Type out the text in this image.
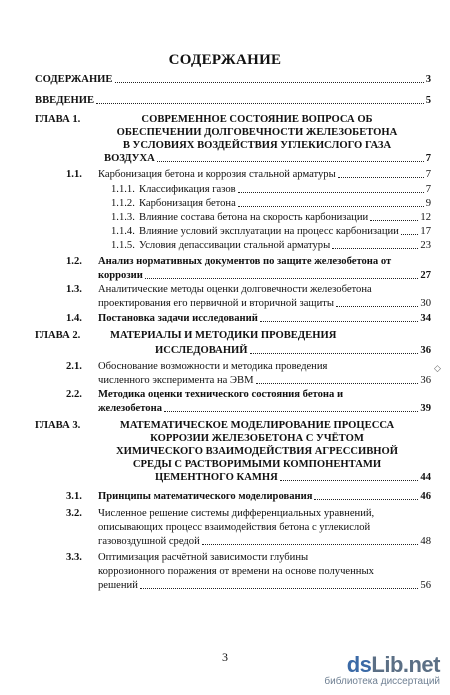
СОДЕРЖАНИЕ
СОДЕРЖАНИЕ	3
ВВЕДЕНИЕ	5
ГЛАВА 1.	СОВРЕМЕННОЕ СОСТОЯНИЕ ВОПРОСА ОБ
ОБЕСПЕЧЕНИИ ДОЛГОВЕЧНОСТИ ЖЕЛЕЗОБЕТОНА
В УСЛОВИЯХ ВОЗДЕЙСТВИЯ УГЛЕКИСЛОГО ГАЗА
ВОЗДУХА	7
1.1.	Карбонизация бетона и коррозия стальной арматуры	7
1.1.1. Классификация газов	7
1.1.2. Карбонизация бетона	9
1.1.3. Влияние состава бетона на скорость карбонизации	12
1.1.4. Влияние условий эксплуатации на процесс карбонизации 17
1.1.5. Условия депассивации стальной арматуры	23
1.2. Анализ нормативных документов по защите железобетона от
коррозии	27
1.3. Аналитические методы оценки долговечности железобетона
проектирования его первичной и вторичной защиты	30
1.4.	Постановка задачи исследований	34
ГЛАВА 2.	МАТЕРИАЛЫ И МЕТОДИКИ ПРОВЕДЕНИЯ
ИССЛЕДОВАНИЙ	36
2.1. Обоснование возможности и методика проведения
численного эксперимента на ЭВМ	36
◇
2.2. Методика оценки технического состояния бетона и
железобетона	39
ГЛАВА 3.	МАТЕМАТИЧЕСКОЕ МОДЕЛИРОВАНИЕ ПРОЦЕССА
КОРРОЗИИ ЖЕЛЕЗОБЕТОНА С УЧЁТОМ
ХИМИЧЕСКОГО ВЗАИМОДЕЙСТВИЯ АГРЕССИВНОЙ
СРЕДЫ С РАСТВОРИМЫМИ КОМПОНЕНТАМИ
ЦЕМЕНТНОГО КАМНЯ	44
3.1.	Принципы математического моделирования	46
3.2. Численное решение системы дифференциальных уравнений,
описывающих процесс взаимодействия бетона с углекислой
газовоздушной средой	48
3.3. Оптимизация расчётной зависимости глубины
коррозионного поражения от времени на основе полученных
решений	56
3	dsLib.net
библиотека диссертаций
